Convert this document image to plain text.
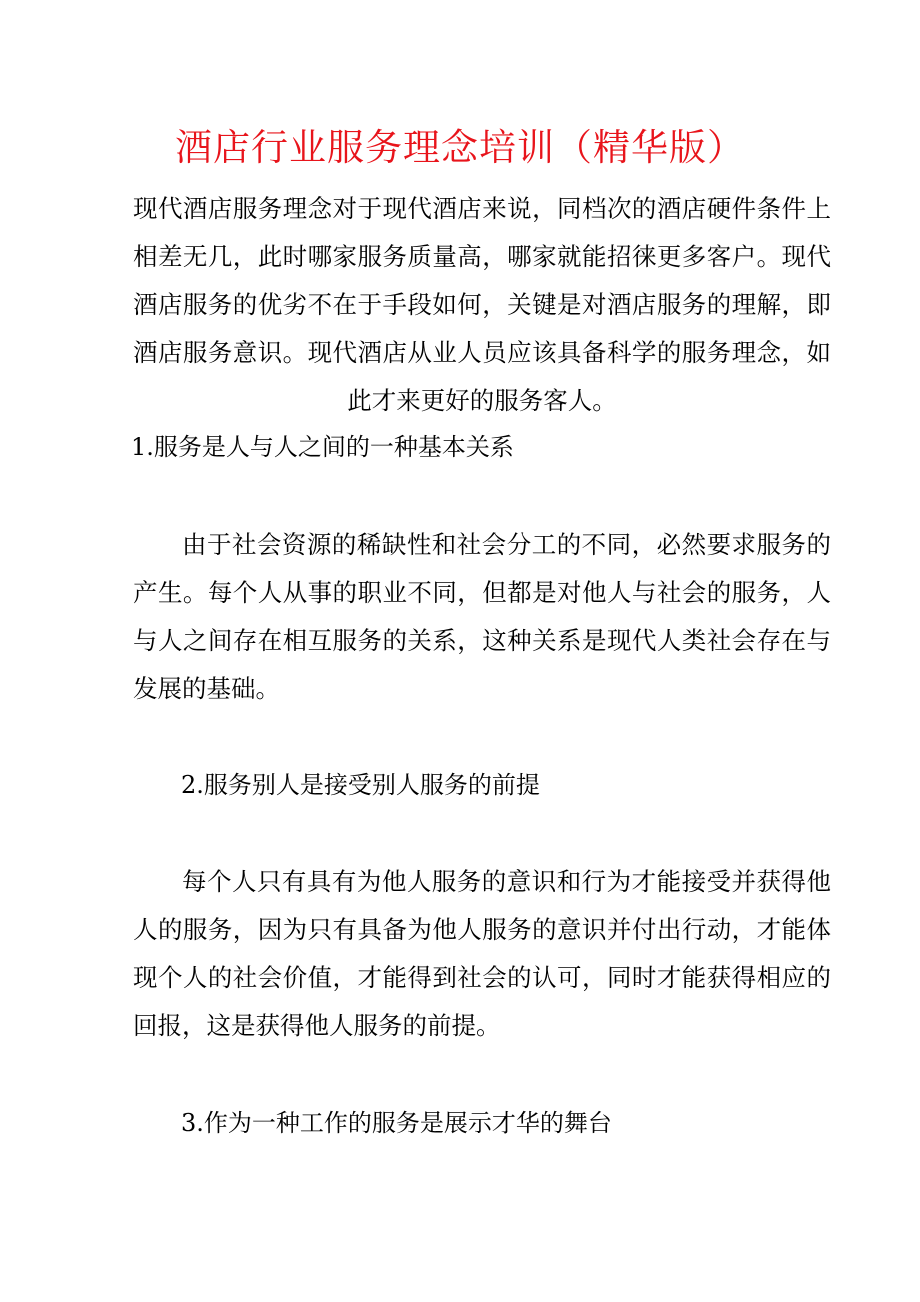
酒店行业服务理念培训（精华版）

现代酒店服务理念对于现代酒店来说，同档次的酒店硬件条件上相差无几，此时哪家服务质量高，哪家就能招徕更多客户。现代酒店服务的优劣不在于手段如何，关键是对酒店服务的理解，即酒店服务意识。现代酒店从业人员应该具备科学的服务理念，如此才来更好的服务客人。

1.服务是人与人之间的一种基本关系

由于社会资源的稀缺性和社会分工的不同，必然要求服务的产生。每个人从事的职业不同，但都是对他人与社会的服务，人与人之间存在相互服务的关系，这种关系是现代人类社会存在与发展的基础。

2.服务别人是接受别人服务的前提

每个人只有具有为他人服务的意识和行为才能接受并获得他人的服务，因为只有具备为他人服务的意识并付出行动，才能体现个人的社会价值，才能得到社会的认可，同时才能获得相应的回报，这是获得他人服务的前提。

3.作为一种工作的服务是展示才华的舞台
